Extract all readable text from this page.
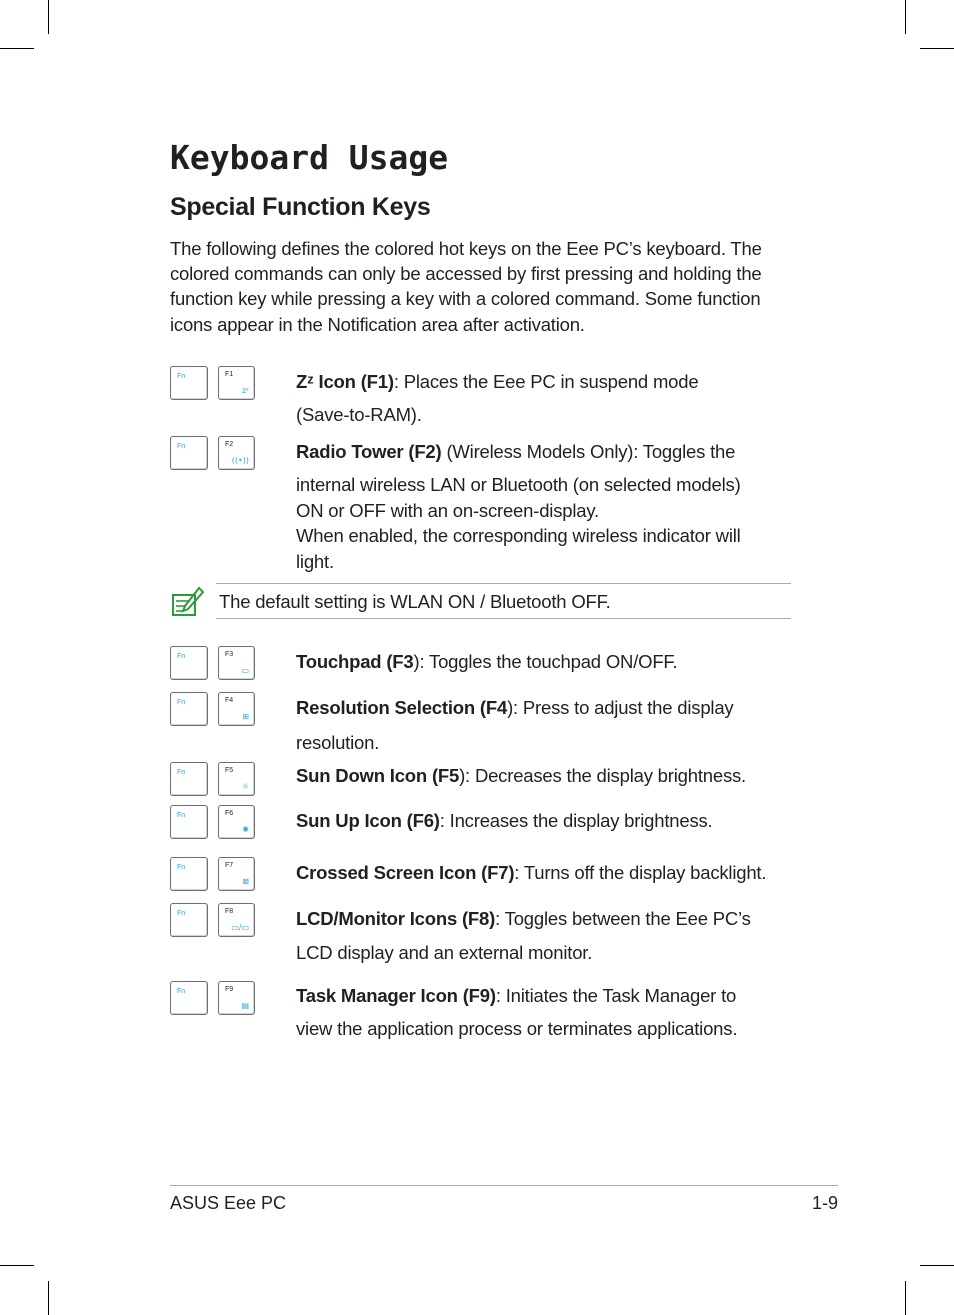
Keyboard Usage
Special Function Keys

The following defines the colored hot keys on the Eee PC’s keyboard. The
colored commands can only be accessed by first pressing and holding the
function key while pressing a key with a colored command. Some function
icons appear in the Notification area after activation.

Fn	F1
zᶻ	Zᶻ Icon (F1): Places the Eee PC in suspend mode
(Save-to-RAM).

Fn	F2
((•))	Radio Tower (F2) (Wireless Models Only): Toggles the
internal wireless LAN or Bluetooth (on selected models)
ON or OFF with an on-screen-display.
When enabled, the corresponding wireless indicator will
light.

Fn	F3
▭	Touchpad (F3): Toggles the touchpad ON/OFF.

Fn	F4
⊞	Resolution Selection (F4): Press to adjust the display
resolution.

Fn	F5
☼

Sun Down Icon (F5): Decreases the display brightness.

Fn	F6
✺	Sun Up Icon (F6): Increases the display brightness.

Fn	F7
⊠	Crossed Screen Icon (F7): Turns off the display backlight.

Fn	F8
▭/▭	LCD/Monitor Icons (F8): Toggles between the Eee PC’s
LCD display and an external monitor.

Fn	F9
▤	Task Manager Icon (F9): Initiates the Task Manager to
view the application process or terminates applications.

The default setting is WLAN ON / Bluetooth OFF.
ASUS Eee PC	1-9
